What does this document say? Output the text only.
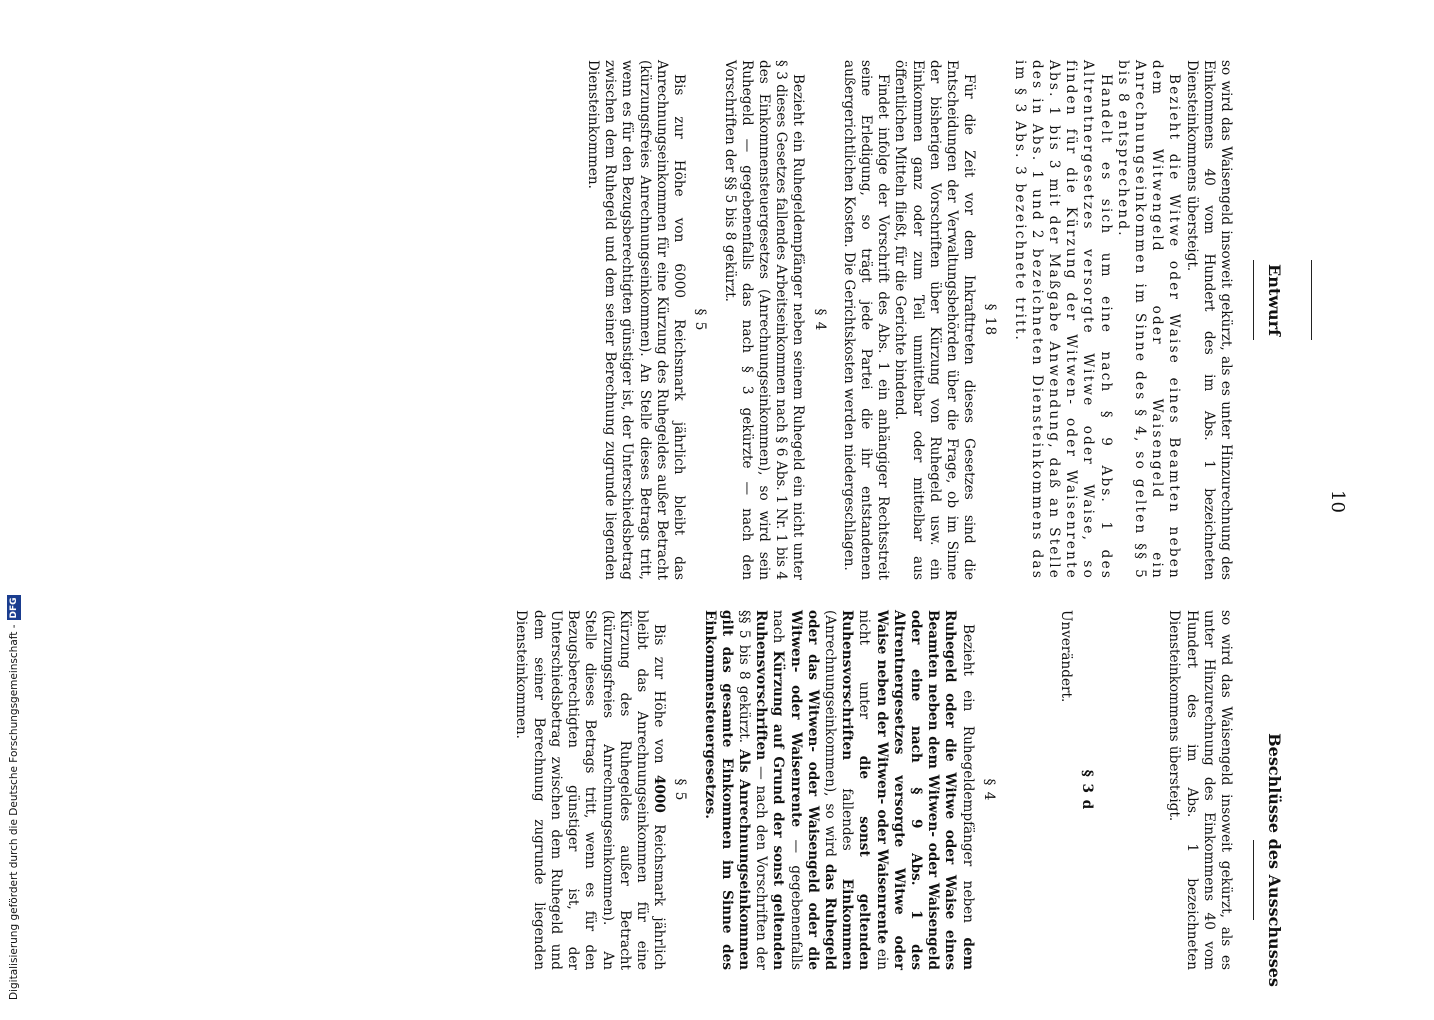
10
Entwurf
Beschlüsse des Ausschusses

so wird das Waisengeld insoweit gekürzt, als es unter Hinzurechnung des Einkommens 40 vom Hundert des im Abs. 1 bezeichneten Diensteinkommens übersteigt.

Bezieht die Witwe oder Waise eines Beamten neben dem Witwengeld oder Waisengeld ein Anrechnungseinkommen im Sinne des § 4, so gelten §§ 5 bis 8 entsprechend.

Handelt es sich um eine nach § 9 Abs. 1 des Altrentnergesetzes versorgte Witwe oder Waise, so finden für die Kürzung der Witwen- oder Waisenrente Abs. 1 bis 3 mit der Maßgabe Anwendung, daß an Stelle des in Abs. 1 und 2 bezeichneten Diensteinkommens das im § 3 Abs. 3 bezeichnete tritt.

§ 18

Für die Zeit vor dem Inkrafttreten dieses Gesetzes sind die Entscheidungen der Verwaltungsbehörden über die Frage, ob im Sinne der bisherigen Vorschriften über Kürzung von Ruhegeld usw. ein Einkommen ganz oder zum Teil unmittelbar oder mittelbar aus öffentlichen Mitteln fließt, für die Gerichte bindend.

Findet infolge der Vorschrift des Abs. 1 ein anhängiger Rechtsstreit seine Erledigung, so trägt jede Partei die ihr entstandenen außergerichtlichen Kosten. Die Gerichtskosten werden niedergeschlagen.

§ 4

Bezieht ein Ruhegeldempfänger neben seinem Ruhegeld ein nicht unter § 3 dieses Gesetzes fallendes Arbeitseinkommen nach § 6 Abs. 1 Nr. 1 bis 4 des Einkommensteuergesetzes (Anrechnungseinkommen), so wird sein Ruhegeld — gegebenenfalls das nach § 3 gekürzte — nach den Vorschriften der §§ 5 bis 8 gekürzt.

§ 5

Bis zur Höhe von 6000 Reichsmark jährlich bleibt das Anrechnungseinkommen für eine Kürzung des Ruhegeldes außer Betracht (kürzungsfreies Anrechnungseinkommen). An Stelle dieses Betrags tritt, wenn es für den Bezugsberechtigten günstiger ist, der Unterschiedsbetrag zwischen dem Ruhegeld und dem seiner Berechnung zugrunde liegenden Diensteinkommen.

so wird das Waisengeld insoweit gekürzt, als es unter Hinzurechnung des Einkommens 40 vom Hundert des im Abs. 1 bezeichneten Diensteinkommens übersteigt.

§ 3 d

Unverändert.

§ 4

Bezieht ein Ruhegeldempfänger neben dem Ruhegeld oder die Witwe oder Waise eines Beamten neben dem Witwen- oder Waisengeld oder eine nach § 9 Abs. 1 des Altrentnergesetzes versorgte Witwe oder Waise neben der Witwen- oder Waisenrente ein nicht unter die sonst geltenden Ruhensvorschriften fallendes Einkommen (Anrechnungseinkommen), so wird das Ruhegeld oder das Witwen- oder Waisengeld oder die Witwen- oder Waisenrente — gegebenenfalls nach Kürzung auf Grund der sonst geltenden Ruhensvorschriften — nach den Vorschriften der §§ 5 bis 8 gekürzt. Als Anrechnungseinkommen gilt das gesamte Einkommen im Sinne des Einkommensteuergesetzes.

§ 5

Bis zur Höhe von 4000 Reichsmark jährlich bleibt das Anrechnungseinkommen für eine Kürzung des Ruhegeldes außer Betracht (kürzungsfreies Anrechnungseinkommen). An Stelle dieses Betrags tritt, wenn es für den Bezugsberechtigten günstiger ist, der Unterschiedsbetrag zwischen dem Ruhegeld und dem seiner Berechnung zugrunde liegenden Diensteinkommen.

Digitalisierung gefördert durch die Deutsche Forschungsgemeinschaft -DFG
